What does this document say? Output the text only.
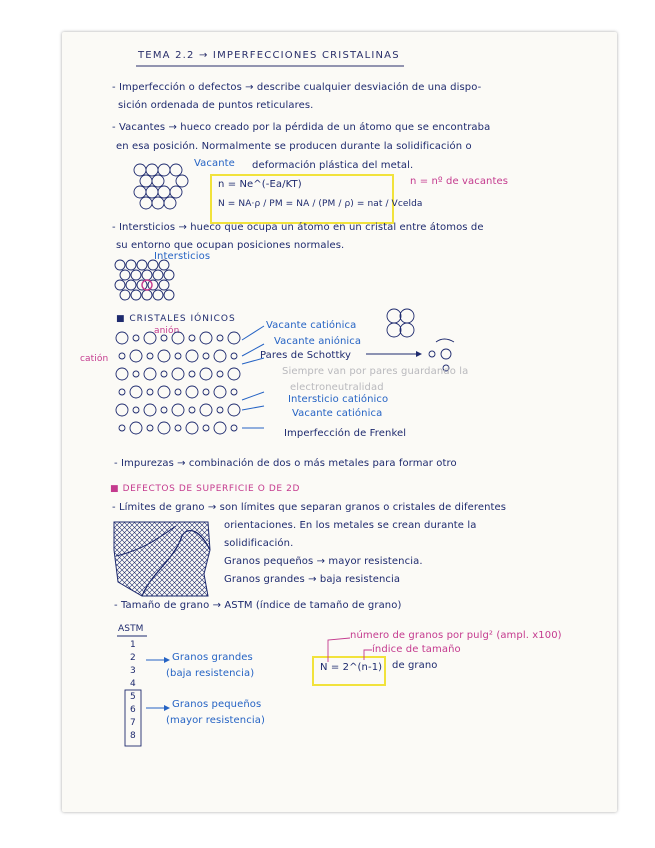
TEMA 2.2 → IMPERFECCIONES CRISTALINAS
- Imperfección o defectos → describe cualquier desviación de una dispo-
sición ordenada de puntos reticulares.
- Vacantes → hueco creado por la pérdida de un átomo que se encontraba
en esa posición. Normalmente se producen durante la solidificación o
Vacante deformación plástica del metal.
n = Ne^(-Ea/KT)
N = NA·ρ / PM = NA / (PM / ρ) = nat / Vcelda
n = nº de vacantes
- Intersticios → hueco que ocupa un átomo en un cristal entre átomos de
su entorno que ocupan posiciones normales.
Intersticios
■ CRISTALES IÓNICOS
anión
catión
Vacante catiónica
Vacante aniónica
Pares de Schottky
Siempre van por pares guardando la
electroneutralidad
Intersticio catiónico
Vacante catiónica
Imperfección de Frenkel
- Impurezas → combinación de dos o más metales para formar otro
■ DEFECTOS DE SUPERFICIE O DE 2D
- Límites de grano → son límites que separan granos o cristales de diferentes
orientaciones. En los metales se crean durante la
solidificación.
Granos pequeños → mayor resistencia.
Granos grandes → baja resistencia
- Tamaño de grano → ASTM (índice de tamaño de grano)
ASTM
1
2
3
4
5
6
7
8
Granos grandes
(baja resistencia)
Granos pequeños
(mayor resistencia)
N = 2^(n-1)
número de granos por pulg² (ampl. x100)
índice de tamaño
de grano
